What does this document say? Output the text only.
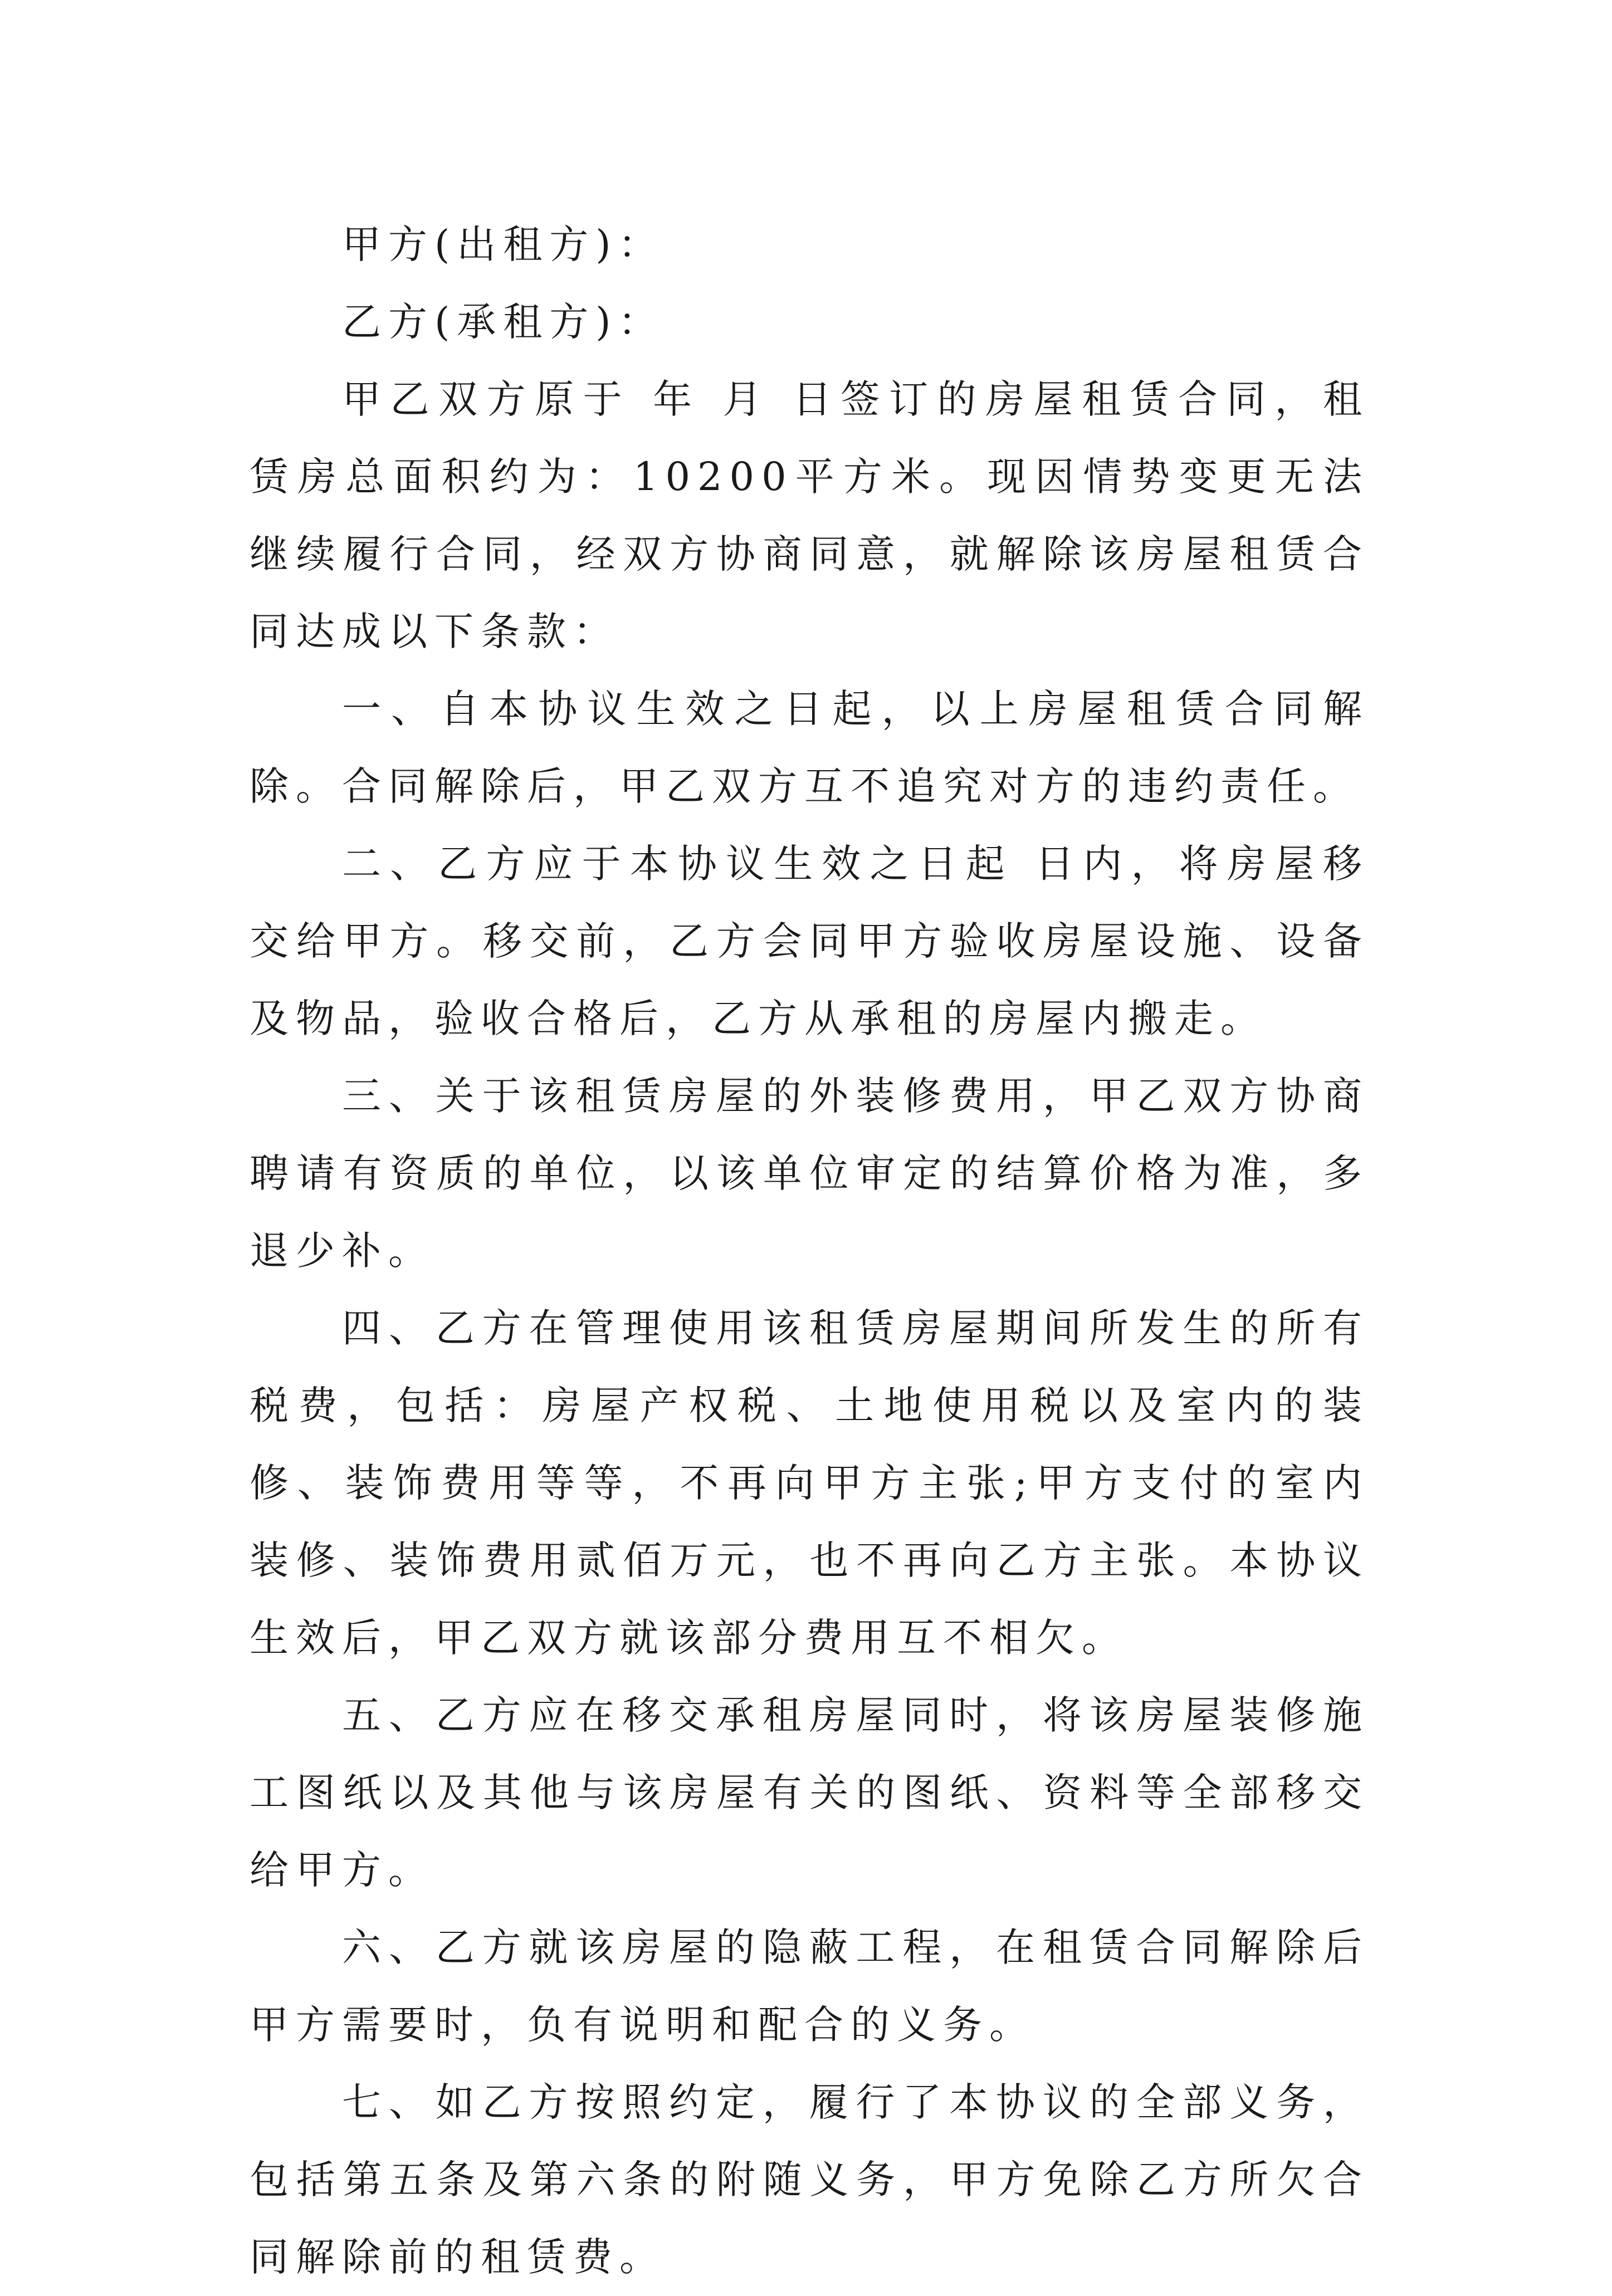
甲方(出租方)：

乙方(承租方)：

甲乙双方原于 年 月 日签订的房屋租赁合同，租赁房总面积约为：10200平方米。现因情势变更无法继续履行合同，经双方协商同意，就解除该房屋租赁合同达成以下条款：

一、自本协议生效之日起，以上房屋租赁合同解除。合同解除后，甲乙双方互不追究对方的违约责任。

二、乙方应于本协议生效之日起 日内，将房屋移交给甲方。移交前，乙方会同甲方验收房屋设施、设备及物品，验收合格后，乙方从承租的房屋内搬走。

三、关于该租赁房屋的外装修费用，甲乙双方协商聘请有资质的单位，以该单位审定的结算价格为准，多退少补。

四、乙方在管理使用该租赁房屋期间所发生的所有税费，包括：房屋产权税、土地使用税以及室内的装修、装饰费用等等，不再向甲方主张;甲方支付的室内装修、装饰费用贰佰万元，也不再向乙方主张。本协议生效后，甲乙双方就该部分费用互不相欠。

五、乙方应在移交承租房屋同时，将该房屋装修施工图纸以及其他与该房屋有关的图纸、资料等全部移交给甲方。

六、乙方就该房屋的隐蔽工程，在租赁合同解除后甲方需要时，负有说明和配合的义务。

七、如乙方按照约定，履行了本协议的全部义务，包括第五条及第六条的附随义务，甲方免除乙方所欠合同解除前的租赁费。
